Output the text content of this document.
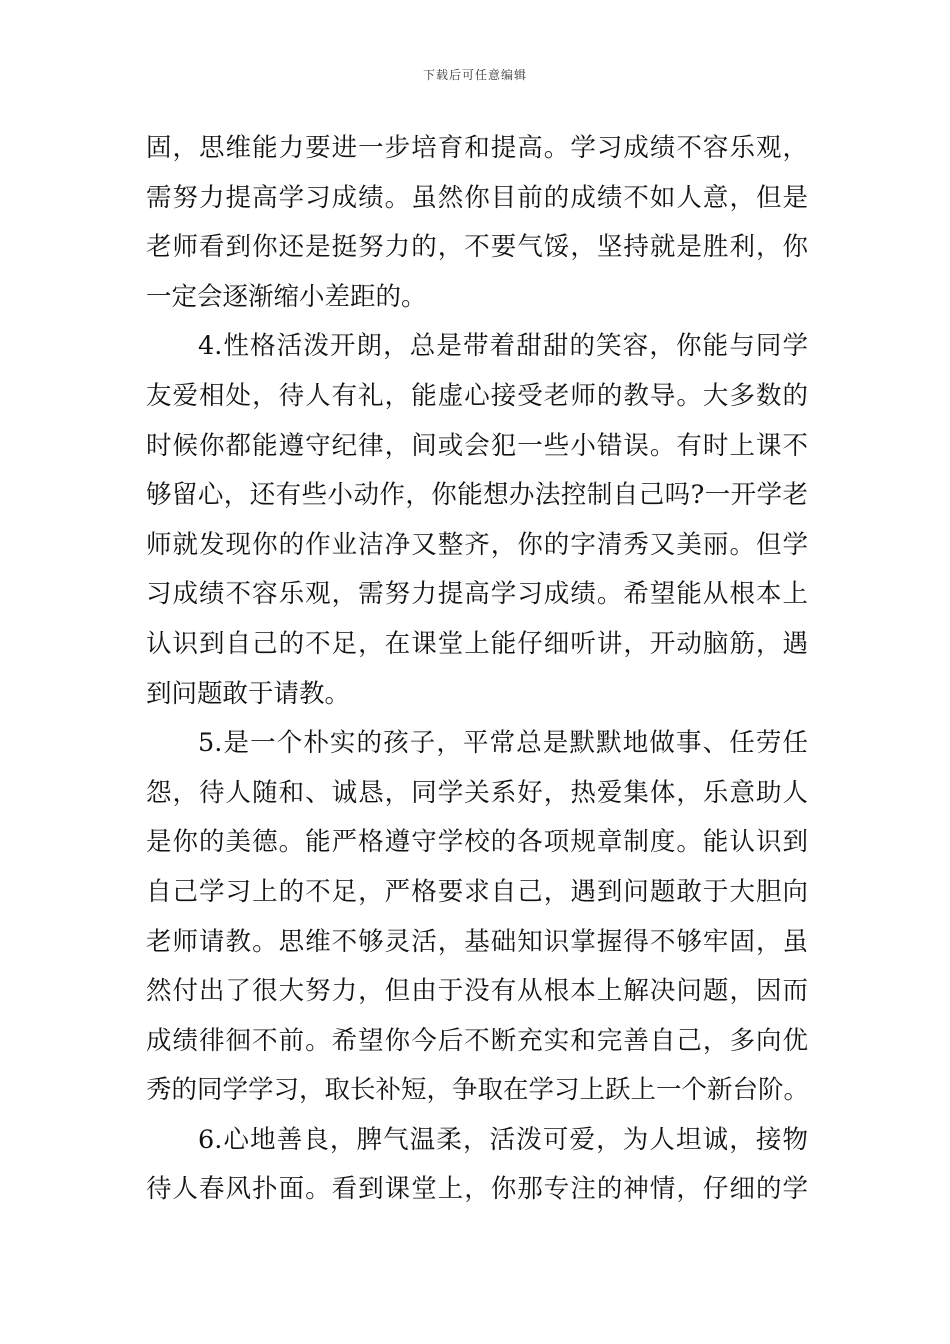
下载后可任意编辑
固，思维能力要进一步培育和提高。学习成绩不容乐观，
需努力提高学习成绩。虽然你目前的成绩不如人意，但是
老师看到你还是挺努力的，不要气馁，坚持就是胜利，你
一定会逐渐缩小差距的。
4.性格活泼开朗，总是带着甜甜的笑容，你能与同学
友爱相处，待人有礼，能虚心接受老师的教导。大多数的
时候你都能遵守纪律，间或会犯一些小错误。有时上课不
够留心，还有些小动作，你能想办法控制自己吗?一开学老
师就发现你的作业洁净又整齐，你的字清秀又美丽。但学
习成绩不容乐观，需努力提高学习成绩。希望能从根本上
认识到自己的不足，在课堂上能仔细听讲，开动脑筋，遇
到问题敢于请教。
5.是一个朴实的孩子，平常总是默默地做事、任劳任
怨，待人随和、诚恳，同学关系好，热爱集体，乐意助人
是你的美德。能严格遵守学校的各项规章制度。能认识到
自己学习上的不足，严格要求自己，遇到问题敢于大胆向
老师请教。思维不够灵活，基础知识掌握得不够牢固，虽
然付出了很大努力，但由于没有从根本上解决问题，因而
成绩徘徊不前。希望你今后不断充实和完善自己，多向优
秀的同学学习，取长补短，争取在学习上跃上一个新台阶。
6.心地善良，脾气温柔，活泼可爱，为人坦诚，接物
待人春风扑面。看到课堂上，你那专注的神情，仔细的学
